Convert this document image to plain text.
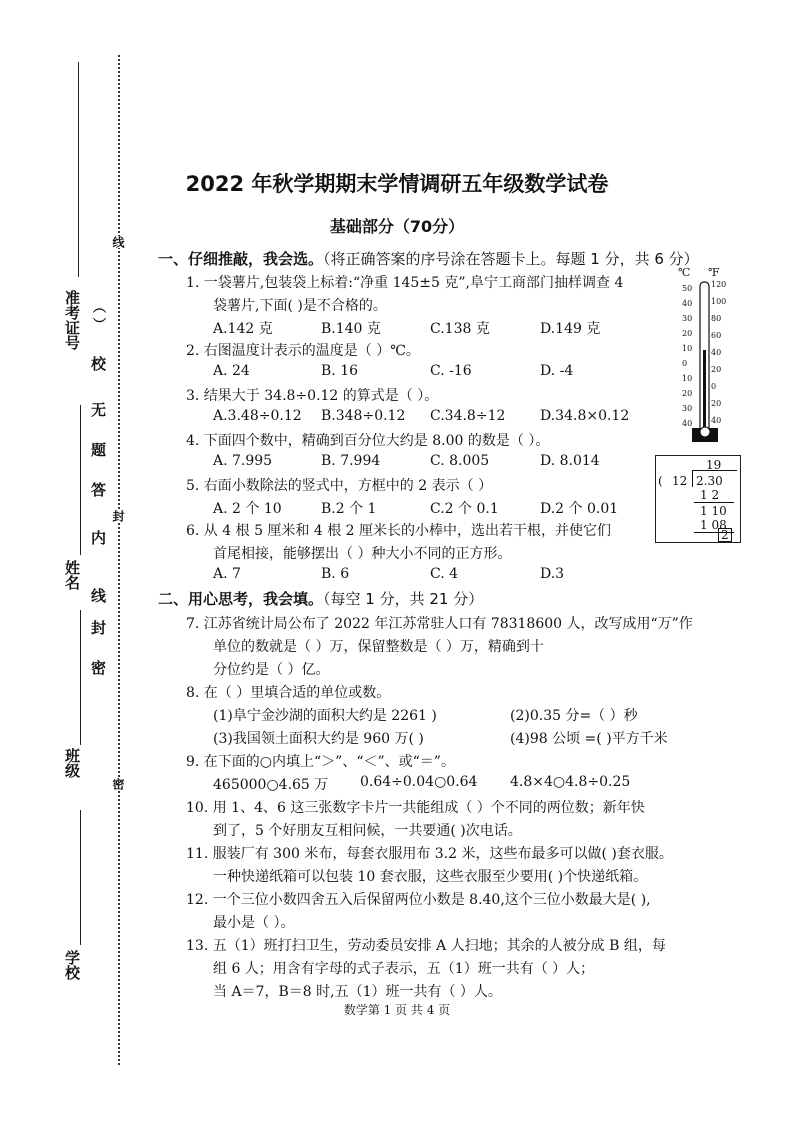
准考证号 （ ）
校
无
题
答
内
姓名
线
封
密
班级
学校
线
封
密
2022 年秋学期期末学情调研五年级数学试卷
基础部分（70分）
一、仔细推敲，我会选。（将正确答案的序号涂在答题卡上。每题 1 分，共 6 分）
1. 一袋薯片,包装袋上标着:“净重 145±5 克”,阜宁工商部门抽样调查 4
袋薯片,下面( )是不合格的。
A.142 克	B.140 克	C.138 克	D.149 克
2. 右图温度计表示的温度是（ ）℃。
A. 24	B. 16	C. -16	D. -4
3. 结果大于 34.8÷0.12 的算式是（ ）。
A.3.48÷0.12 B.348÷0.12 C.34.8÷12 D.34.8×0.12
4. 下面四个数中，精确到百分位大约是 8.00 的数是（ ）。
A. 7.995	B. 7.994	C. 8.005	D. 8.014
5. 右面小数除法的竖式中，方框中的 2 表示（ ）
A. 2 个 10	B.2 个 1	C.2 个 0.1	D.2 个 0.01
6. 从 4 根 5 厘米和 4 根 2 厘米长的小棒中，选出若干根，并使它们
首尾相接，能够摆出（ ）种大小不同的正方形。
A. 7	B. 6	C. 4	D.3
℃ ℉
50
40
30
20
10
0
10
20
30
40
120
100
80
60
40
20
0
20
40
19
( 12 2.30
1 2
1 10
1 08
2
二、用心思考，我会填。（每空 1 分，共 21 分）
7. 江苏省统计局公布了 2022 年江苏常驻人口有 78318600 人，改写成用“万”作
单位的数就是（ ）万，保留整数是（ ）万，精确到十
分位约是（ ）亿。
8. 在（ ）里填合适的单位或数。
(1)阜宁金沙湖的面积大约是 2261 )	(2)0.35 分=（ ）秒
(3)我国领土面积大约是 960 万( )	(4)98 公顷 =( )平方千米
9. 在下面的○内填上“＞”、“＜”、或“＝”。
465000○4.65 万 0.64÷0.04○0.64 4.8×4○4.8÷0.25
10. 用 1、4、6 这三张数字卡片一共能组成（ ）个不同的两位数；新年快
到了，5 个好朋友互相问候，一共要通( )次电话。
11. 服装厂有 300 米布，每套衣服用布 3.2 米，这些布最多可以做( )套衣服。
一种快递纸箱可以包装 10 套衣服，这些衣服至少要用( )个快递纸箱。
12. 一个三位小数四舍五入后保留两位小数是 8.40,这个三位小数最大是( ),
最小是（ ）。
13. 五（1）班打扫卫生，劳动委员安排 A 人扫地；其余的人被分成 B 组，每
组 6 人；用含有字母的式子表示，五（1）班一共有（ ）人；
当 A＝7，B＝8 时,五（1）班一共有（ ）人。
数学第 1 页 共 4 页
